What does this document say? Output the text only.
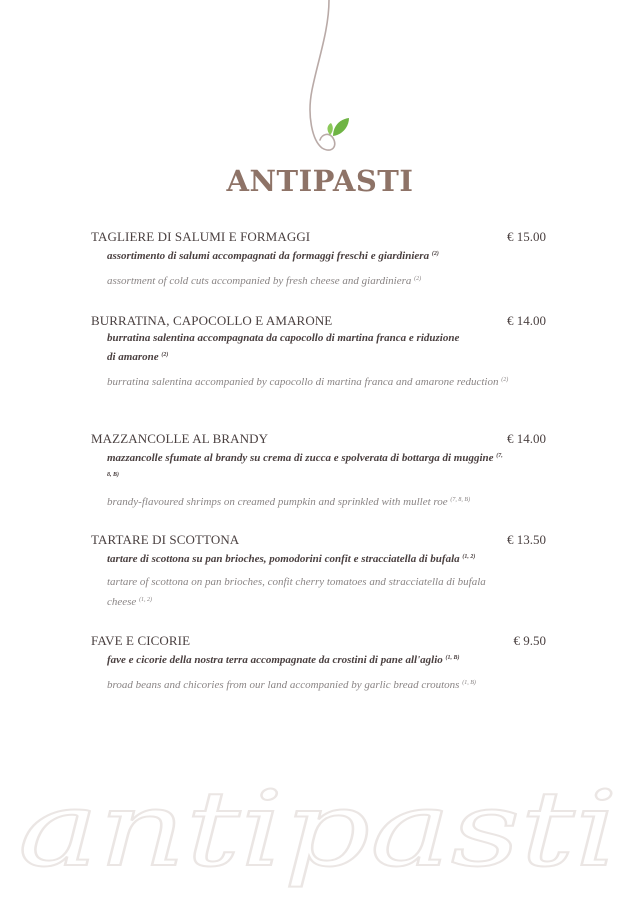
ANTIPASTI
TAGLIERE DI SALUMI E FORMAGGI	€ 15.00
assortimento di salumi accompagnati da formaggi freschi e giardiniera $^{(2)}$
assortment of cold cuts accompanied by fresh cheese and giardiniera $^{(2)}$
BURRATINA, CAPOCOLLO E AMARONE	€ 14.00
burratina salentina accompagnata da capocollo di martina franca e riduzione di amarone $^{(2)}$
burratina salentina accompanied by capocollo di martina franca and amarone reduction $^{(2)}$
MAZZANCOLLE AL BRANDY	€ 14.00
mazzancolle sfumate al brandy su crema di zucca e spolverata di bottarga di muggine $^{(7, 8, B)}$
brandy-flavoured shrimps on creamed pumpkin and sprinkled with mullet roe $^{(7, 8, B)}$
TARTARE DI SCOTTONA	€ 13.50
tartare di scottona su pan brioches, pomodorini confit e stracciatella di bufala $^{(1, 2)}$
tartare of scottona on pan brioches, confit cherry tomatoes and stracciatella di bufala cheese $^{(1, 2)}$
FAVE E CICORIE	€ 9.50
fave e cicorie della nostra terra accompagnate da crostini di pane all'aglio $^{(1, B)}$
broad beans and chicories from our land accompanied by garlic bread croutons $^{(1, B)}$
antipasti
